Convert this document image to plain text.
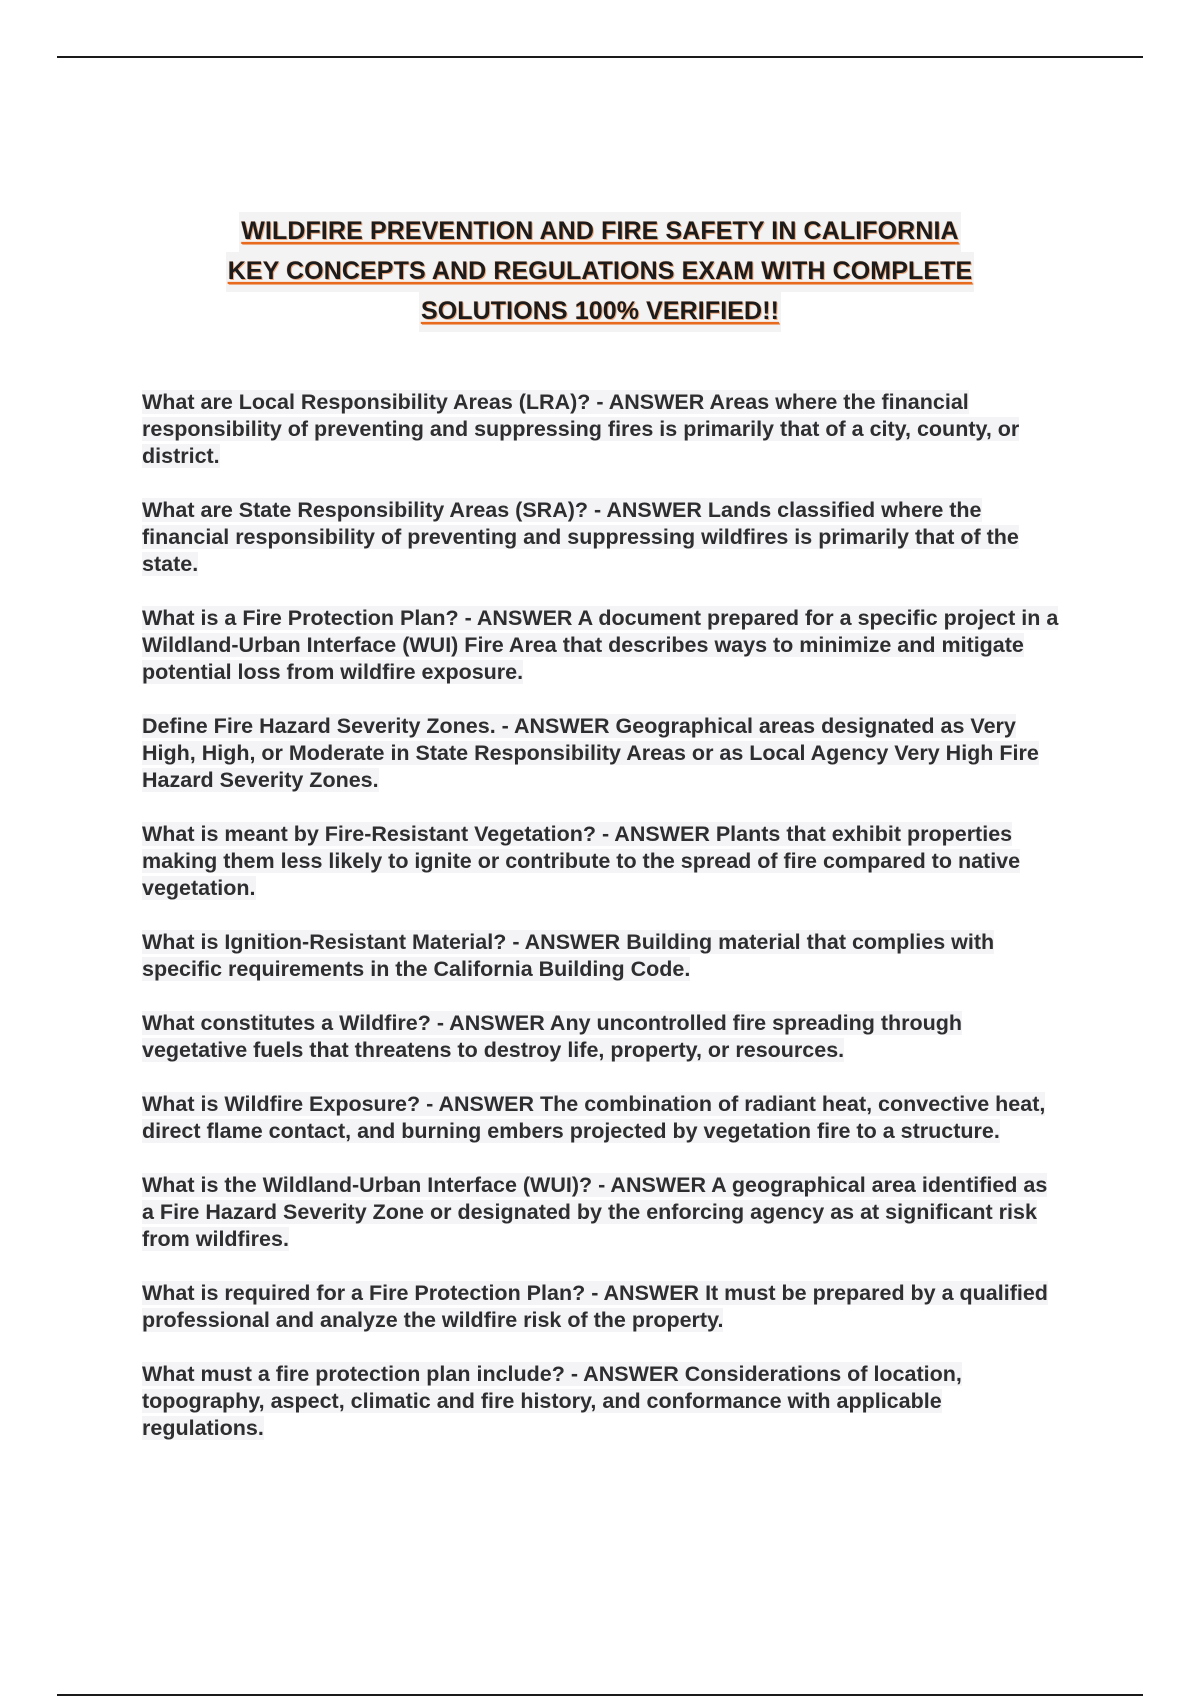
WILDFIRE PREVENTION AND FIRE SAFETY IN CALIFORNIA
KEY CONCEPTS AND REGULATIONS EXAM WITH COMPLETE
SOLUTIONS 100% VERIFIED!!

What are Local Responsibility Areas (LRA)? - ANSWER Areas where the financial responsibility of preventing and suppressing fires is primarily that of a city, county, or district.

What are State Responsibility Areas (SRA)? - ANSWER Lands classified where the financial responsibility of preventing and suppressing wildfires is primarily that of the state.

What is a Fire Protection Plan? - ANSWER A document prepared for a specific project in a Wildland-Urban Interface (WUI) Fire Area that describes ways to minimize and mitigate potential loss from wildfire exposure.

Define Fire Hazard Severity Zones. - ANSWER Geographical areas designated as Very High, High, or Moderate in State Responsibility Areas or as Local Agency Very High Fire Hazard Severity Zones.

What is meant by Fire-Resistant Vegetation? - ANSWER Plants that exhibit properties making them less likely to ignite or contribute to the spread of fire compared to native vegetation.

What is Ignition-Resistant Material? - ANSWER Building material that complies with specific requirements in the California Building Code.

What constitutes a Wildfire? - ANSWER Any uncontrolled fire spreading through vegetative fuels that threatens to destroy life, property, or resources.

What is Wildfire Exposure? - ANSWER The combination of radiant heat, convective heat, direct flame contact, and burning embers projected by vegetation fire to a structure.

What is the Wildland-Urban Interface (WUI)? - ANSWER A geographical area identified as a Fire Hazard Severity Zone or designated by the enforcing agency as at significant risk from wildfires.

What is required for a Fire Protection Plan? - ANSWER It must be prepared by a qualified professional and analyze the wildfire risk of the property.

What must a fire protection plan include? - ANSWER Considerations of location, topography, aspect, climatic and fire history, and conformance with applicable regulations.
